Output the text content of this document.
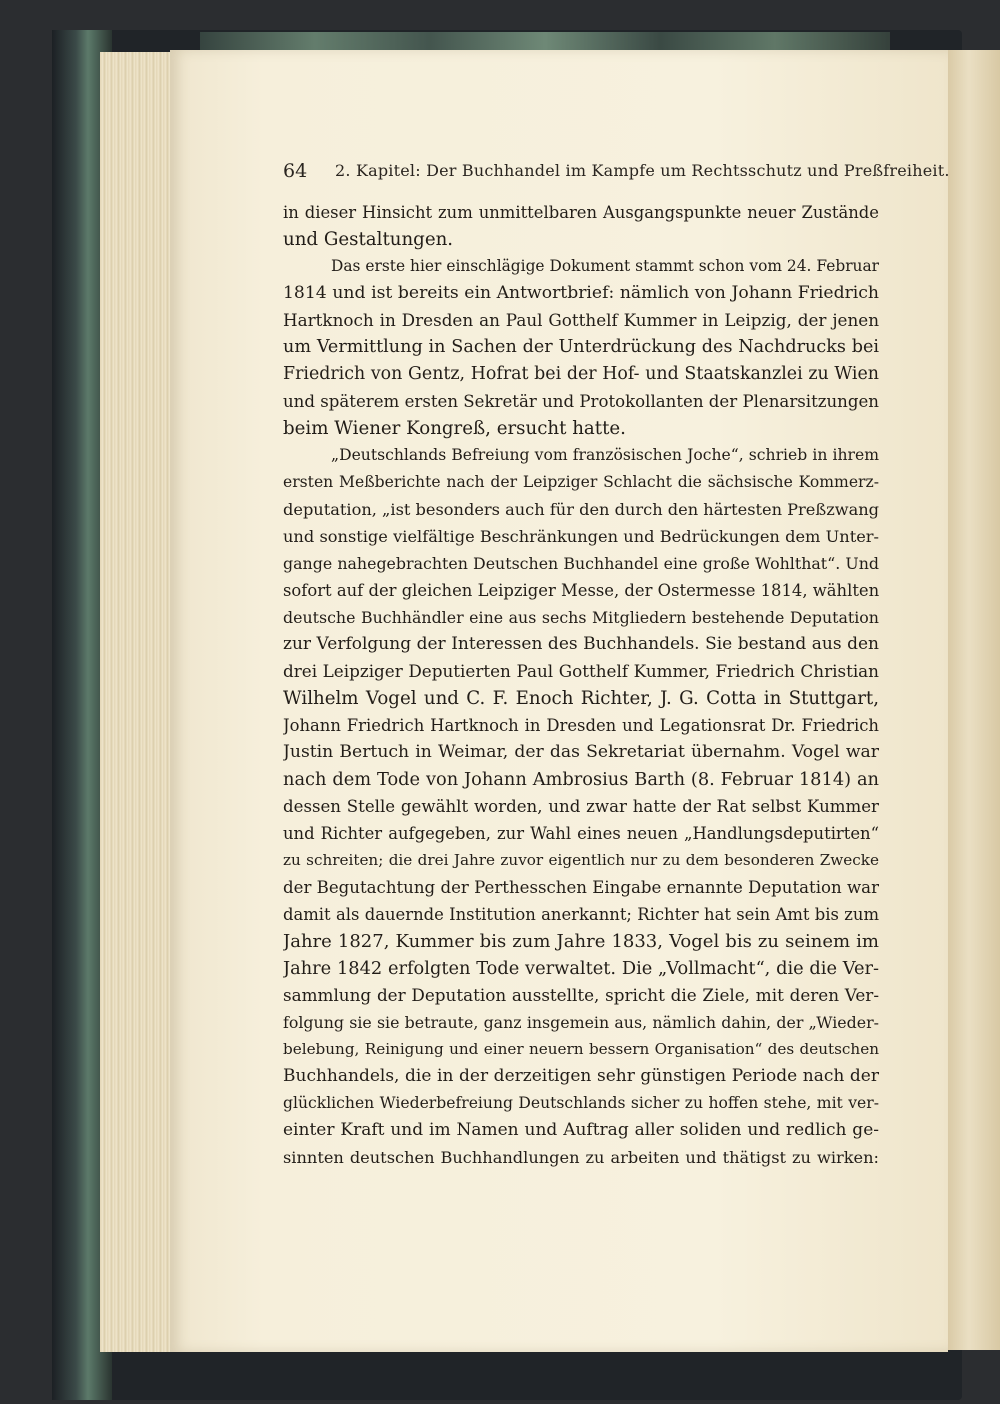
64 2. Kapitel: Der Buchhandel im Kampfe um Rechtsschutz und Preßfreiheit.
in dieser Hinsicht zum unmittelbaren Ausgangspunkte neuer Zustände
und Gestaltungen.
Das erste hier einschlägige Dokument stammt schon vom 24. Februar
1814 und ist bereits ein Antwortbrief: nämlich von Johann Friedrich
Hartknoch in Dresden an Paul Gotthelf Kummer in Leipzig, der jenen
um Vermittlung in Sachen der Unterdrückung des Nachdrucks bei
Friedrich von Gentz, Hofrat bei der Hof- und Staatskanzlei zu Wien
und späterem ersten Sekretär und Protokollanten der Plenarsitzungen
beim Wiener Kongreß, ersucht hatte.
„Deutschlands Befreiung vom französischen Joche“, schrieb in ihrem
ersten Meßberichte nach der Leipziger Schlacht die sächsische Kommerz-
deputation, „ist besonders auch für den durch den härtesten Preßzwang
und sonstige vielfältige Beschränkungen und Bedrückungen dem Unter-
gange nahegebrachten Deutschen Buchhandel eine große Wohlthat“. Und
sofort auf der gleichen Leipziger Messe, der Ostermesse 1814, wählten
deutsche Buchhändler eine aus sechs Mitgliedern bestehende Deputation
zur Verfolgung der Interessen des Buchhandels. Sie bestand aus den
drei Leipziger Deputierten Paul Gotthelf Kummer, Friedrich Christian
Wilhelm Vogel und C. F. Enoch Richter, J. G. Cotta in Stuttgart,
Johann Friedrich Hartknoch in Dresden und Legationsrat Dr. Friedrich
Justin Bertuch in Weimar, der das Sekretariat übernahm. Vogel war
nach dem Tode von Johann Ambrosius Barth (8. Februar 1814) an
dessen Stelle gewählt worden, und zwar hatte der Rat selbst Kummer
und Richter aufgegeben, zur Wahl eines neuen „Handlungsdeputirten“
zu schreiten; die drei Jahre zuvor eigentlich nur zu dem besonderen Zwecke
der Begutachtung der Perthesschen Eingabe ernannte Deputation war
damit als dauernde Institution anerkannt; Richter hat sein Amt bis zum
Jahre 1827, Kummer bis zum Jahre 1833, Vogel bis zu seinem im
Jahre 1842 erfolgten Tode verwaltet. Die „Vollmacht“, die die Ver-
sammlung der Deputation ausstellte, spricht die Ziele, mit deren Ver-
folgung sie sie betraute, ganz insgemein aus, nämlich dahin, der „Wieder-
belebung, Reinigung und einer neuern bessern Organisation“ des deutschen
Buchhandels, die in der derzeitigen sehr günstigen Periode nach der
glücklichen Wiederbefreiung Deutschlands sicher zu hoffen stehe, mit ver-
einter Kraft und im Namen und Auftrag aller soliden und redlich ge-
sinnten deutschen Buchhandlungen zu arbeiten und thätigst zu wirken:
